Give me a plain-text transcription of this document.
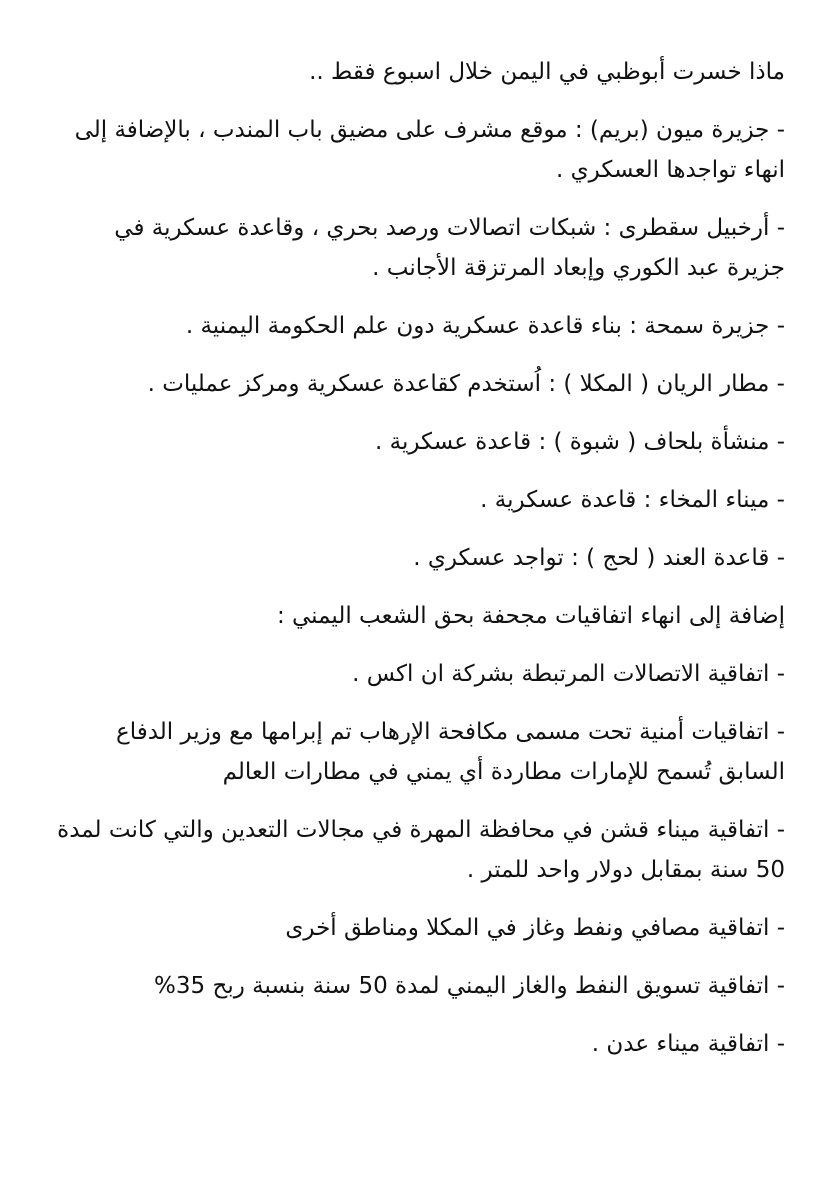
ماذا خسرت أبوظبي في اليمن خلال اسبوع فقط ..

- جزيرة ميون (بريم) : موقع مشرف على مضيق باب المندب ، بالإضافة إلى انهاء تواجدها العسكري .

- أرخبيل سقطرى : شبكات اتصالات ورصد بحري ، وقاعدة عسكرية في جزيرة عبد الكوري وإبعاد المرتزقة الأجانب .

- جزيرة سمحة : بناء قاعدة عسكرية دون علم الحكومة اليمنية .

- مطار الريان ( المكلا ) : اُستخدم كقاعدة عسكرية ومركز عمليات .

- منشأة بلحاف ( شبوة ) : قاعدة عسكرية .

- ميناء المخاء : قاعدة عسكرية .

- قاعدة العند ( لحج ) : تواجد عسكري .

إضافة إلى انهاء اتفاقيات مجحفة بحق الشعب اليمني :

- اتفاقية الاتصالات المرتبطة بشركة ان اكس .

- اتفاقيات أمنية تحت مسمى مكافحة الإرهاب تم إبرامها مع وزير الدفاع السابق تُسمح للإمارات مطاردة أي يمني في مطارات العالم

- اتفاقية ميناء قشن في محافظة المهرة في مجالات التعدين والتي كانت لمدة 50 سنة بمقابل دولار واحد للمتر .

- اتفاقية مصافي ونفط وغاز في المكلا ومناطق أخرى

- اتفاقية تسويق النفط والغاز اليمني لمدة 50 سنة بنسبة ربح 35%

- اتفاقية ميناء عدن .
